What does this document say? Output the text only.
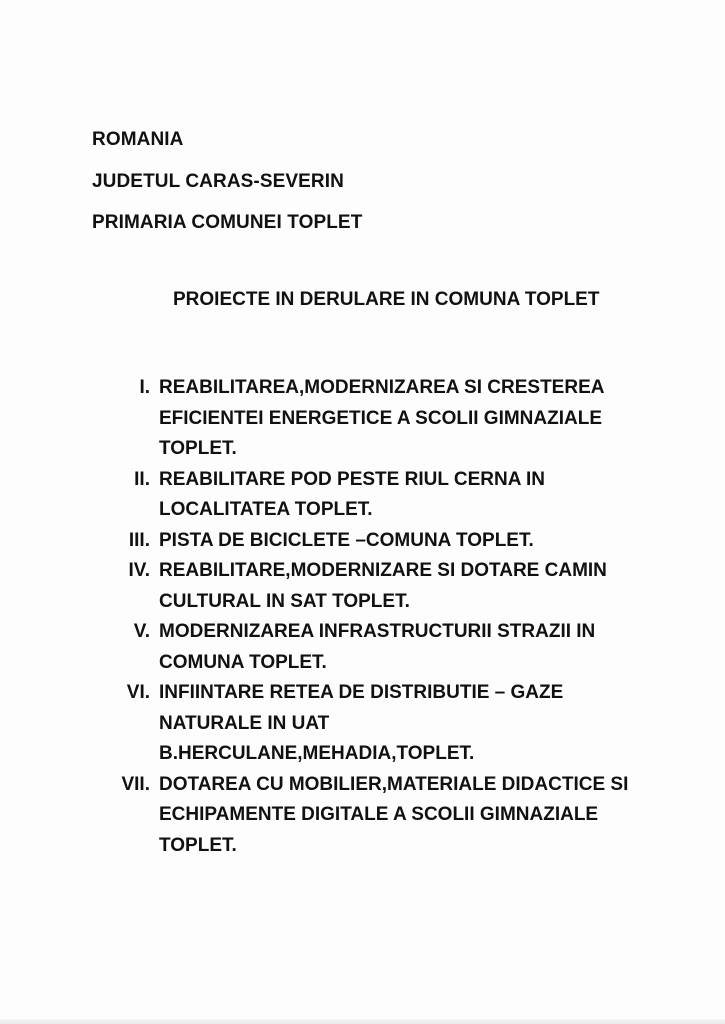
ROMANIA
JUDETUL CARAS-SEVERIN
PRIMARIA COMUNEI TOPLET
PROIECTE IN DERULARE IN COMUNA TOPLET
I. REABILITAREA,MODERNIZAREA SI CRESTEREA
EFICIENTEI ENERGETICE A SCOLII GIMNAZIALE
TOPLET.
II. REABILITARE POD PESTE RIUL CERNA IN
LOCALITATEA TOPLET.
III. PISTA DE BICICLETE –COMUNA TOPLET.
IV. REABILITARE,MODERNIZARE SI DOTARE CAMIN
CULTURAL IN SAT TOPLET.
V. MODERNIZAREA INFRASTRUCTURII STRAZII IN
COMUNA TOPLET.
VI. INFIINTARE RETEA DE DISTRIBUTIE – GAZE
NATURALE IN UAT
B.HERCULANE,MEHADIA,TOPLET.
VII. DOTAREA CU MOBILIER,MATERIALE DIDACTICE SI
ECHIPAMENTE DIGITALE A SCOLII GIMNAZIALE
TOPLET.
